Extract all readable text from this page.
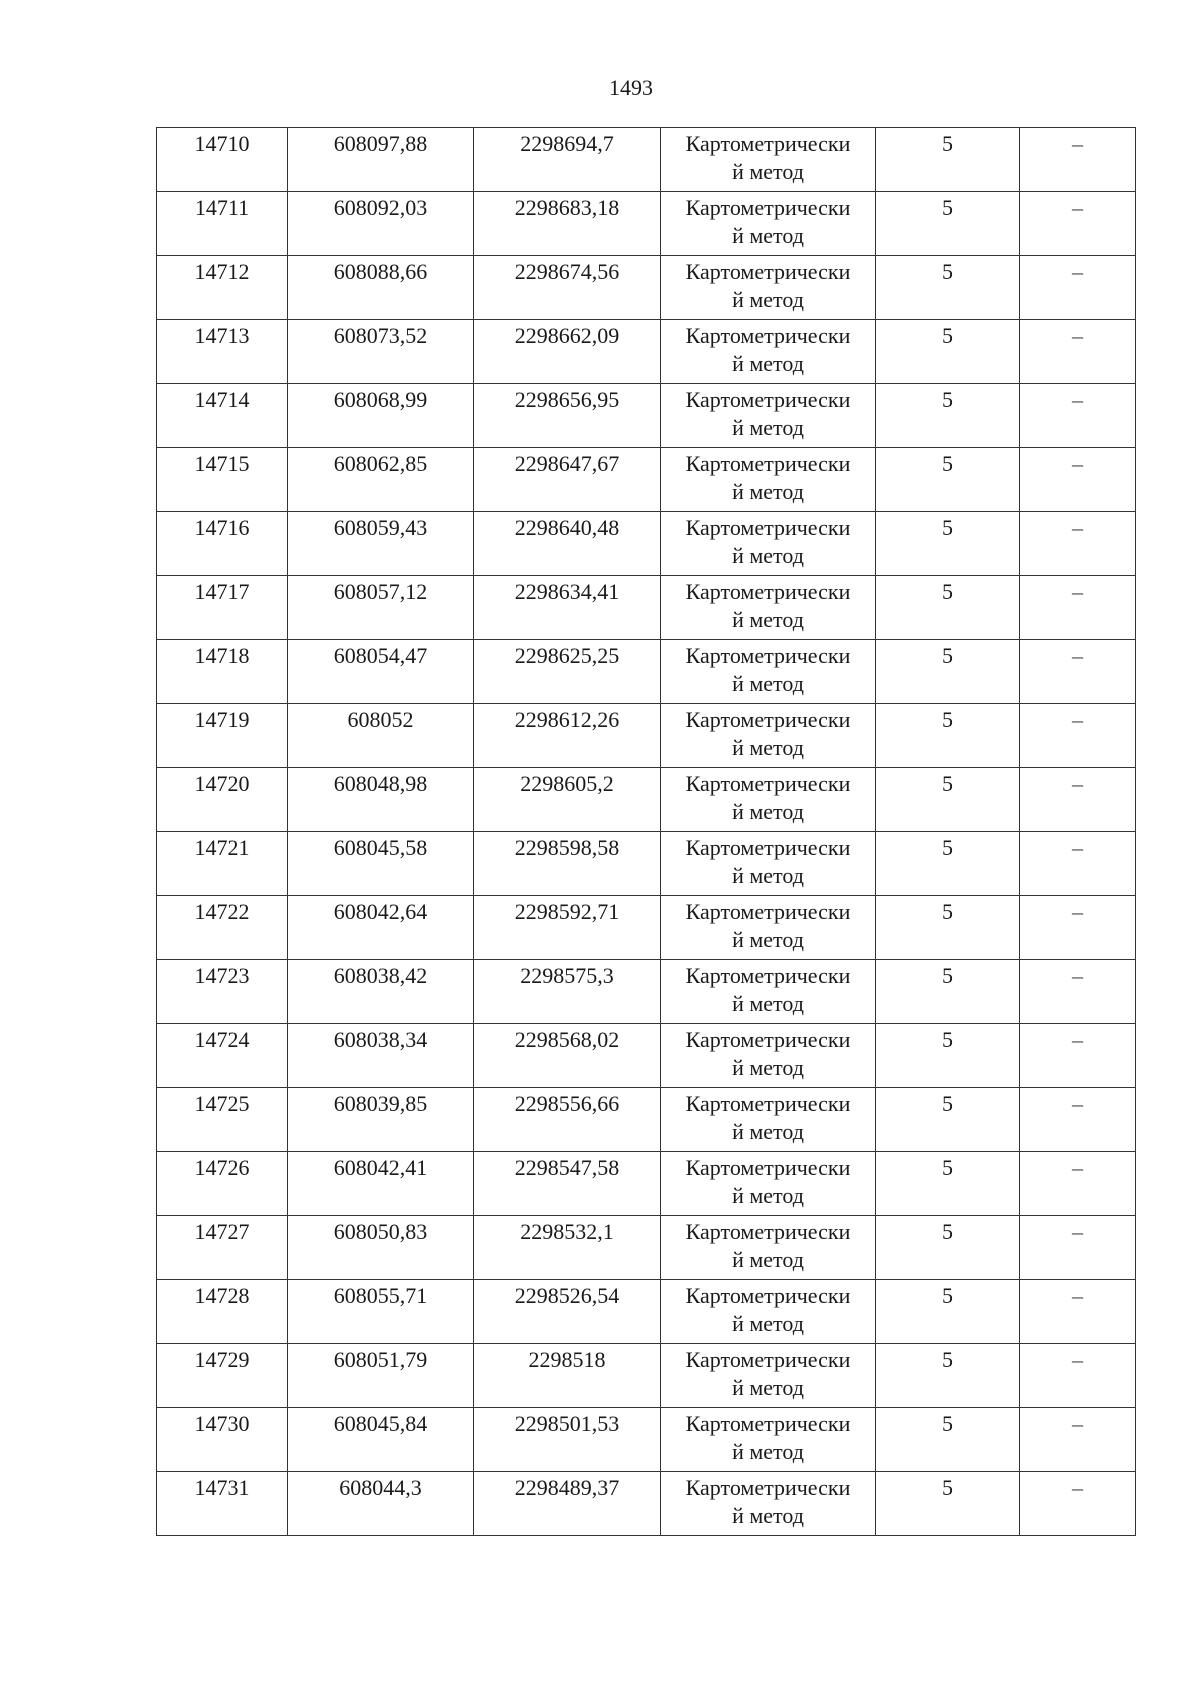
1493
14710	608097,88	2298694,7	Картометрически
й метод	5	–

14711	608092,03	2298683,18	Картометрически
й метод	5	–

14712	608088,66	2298674,56	Картометрически
й метод	5	–

14713	608073,52	2298662,09	Картометрически
й метод	5	–

14714	608068,99	2298656,95	Картометрически
й метод	5	–

14715	608062,85	2298647,67	Картометрически
й метод	5	–

14716	608059,43	2298640,48	Картометрически
й метод	5	–

14717	608057,12	2298634,41	Картометрически
й метод	5	–

14718	608054,47	2298625,25	Картометрически
й метод	5	–

14719	608052	2298612,26	Картометрически
й метод	5	–

14720	608048,98	2298605,2	Картометрически
й метод	5	–

14721	608045,58	2298598,58	Картометрически
й метод	5	–

14722	608042,64	2298592,71	Картометрически
й метод	5	–

14723	608038,42	2298575,3	Картометрически
й метод	5	–

14724	608038,34	2298568,02	Картометрически
й метод	5	–

14725	608039,85	2298556,66	Картометрически
й метод	5	–

14726	608042,41	2298547,58	Картометрически
й метод	5	–

14727	608050,83	2298532,1	Картометрически
й метод	5	–

14728	608055,71	2298526,54	Картометрически
й метод	5	–

14729	608051,79	2298518	Картометрически
й метод	5	–

14730	608045,84	2298501,53	Картометрически
й метод	5	–

14731	608044,3	2298489,37	Картометрически
й метод	5	–
